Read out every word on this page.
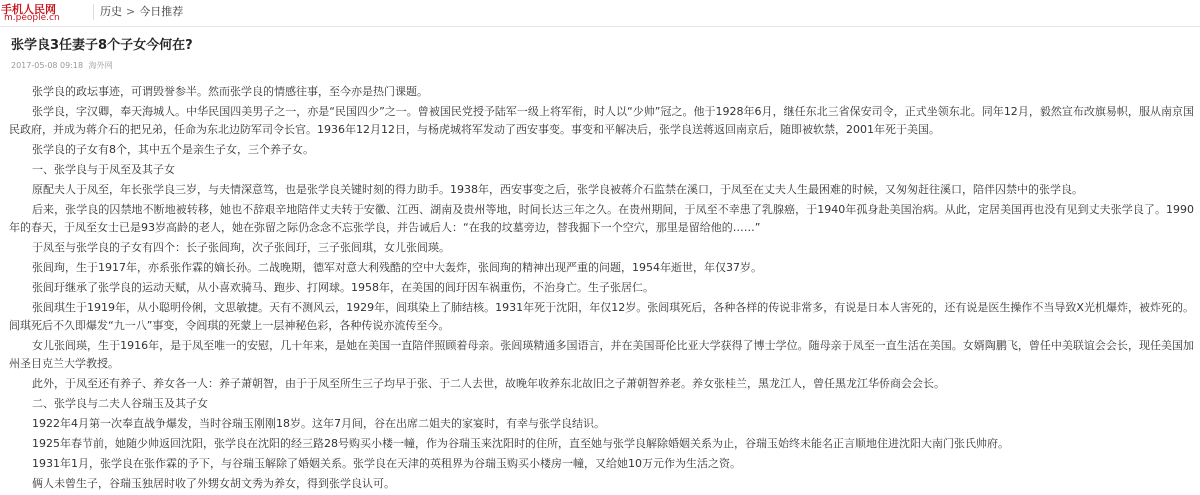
手机人民网
m.people.cn	历史 > 今日推荐
张学良3任妻子8个子女今何在?
2017-05-08 09:18 海外网

张学良的政坛事迹，可谓毁誉参半。然而张学良的情感往事，至今亦是热门课题。

张学良，字汉卿，奉天海城人。中华民国四美男子之一，亦是“民国四少”之一。曾被国民党授予陆军一级上将军衔，时人以“少帅”冠之。他于1928年6月，继任东北三省保安司令，正式坐领东北。同年12月，毅然宣布改旗易帜，服从南京国民政府，并成为蒋介石的把兄弟，任命为东北边防军司令长官。1936年12月12日，与杨虎城将军发动了西安事变。事变和平解决后，张学良送蒋返回南京后，随即被软禁，2001年死于美国。

张学良的子女有8个，其中五个是亲生子女，三个养子女。

一、张学良与于凤至及其子女

原配夫人于凤至，年长张学良三岁，与夫情深意笃，也是张学良关键时刻的得力助手。1938年，西安事变之后，张学良被蒋介石监禁在溪口，于凤至在丈夫人生最困难的时候，又匆匆赶往溪口，陪伴囚禁中的张学良。

后来，张学良的囚禁地不断地被转移，她也不辞艰辛地陪伴丈夫转于安徽、江西、湖南及贵州等地，时间长达三年之久。在贵州期间，于凤至不幸患了乳腺癌，于1940年孤身赴美国治病。从此，定居美国再也没有见到丈夫张学良了。1990年的春天，于凤至女士已是93岁高龄的老人，她在弥留之际仍念念不忘张学良，并告诫后人：“在我的坟墓旁边，替我掘下一个空穴，那里是留给他的……”

于凤至与张学良的子女有四个：长子张闾珣，次子张闾玗，三子张闾琪，女儿张闾瑛。

张闾珣，生于1917年，亦系张作霖的嫡长孙。二战晚期，德军对意大利残酷的空中大轰炸，张闾珣的精神出现严重的问题，1954年逝世，年仅37岁。

张闾玗继承了张学良的运动天赋，从小喜欢骑马、跑步、打网球。1958年，在美国的闾玗因车祸重伤，不治身亡。生子张居仁。

张闾琪生于1919年，从小聪明伶俐，文思敏捷。天有不测风云，1929年，闾琪染上了肺结核。1931年死于沈阳，年仅12岁。张闾琪死后，各种各样的传说非常多，有说是日本人害死的，还有说是医生操作不当导致X光机爆炸，被炸死的。闾琪死后不久即爆发“九一八”事变，令闾琪的死蒙上一层神秘色彩，各种传说亦流传至今。

女儿张闾瑛，生于1916年，是于凤至唯一的安慰，几十年来，是她在美国一直陪伴照顾着母亲。张闾瑛精通多国语言，并在美国哥伦比亚大学获得了博士学位。随母亲于凤至一直生活在美国。女婿陶鹏飞，曾任中美联谊会会长，现任美国加州圣目克兰大学教授。

此外，于凤至还有养子、养女各一人：养子萧朝智，由于于凤至所生三子均早于张、于二人去世，故晚年收养东北故旧之子萧朝智养老。养女张桂兰，黑龙江人，曾任黑龙江华侨商会会长。

二、张学良与二夫人谷瑞玉及其子女

1922年4月第一次奉直战争爆发，当时谷瑞玉刚刚18岁。这年7月间，谷在出席二姐夫的家宴时，有幸与张学良结识。

1925年春节前，她随少帅返回沈阳，张学良在沈阳的经三路28号购买小楼一幢，作为谷瑞玉来沈阳时的住所，直至她与张学良解除婚姻关系为止，谷瑞玉始终未能名正言顺地住进沈阳大南门张氏帅府。

1931年1月，张学良在张作霖的予下，与谷瑞玉解除了婚姻关系。张学良在天津的英租界为谷瑞玉购买小楼房一幢，又给她10万元作为生活之资。

俩人未曾生子，谷瑞玉独居时收了外甥女胡文秀为养女，得到张学良认可。
